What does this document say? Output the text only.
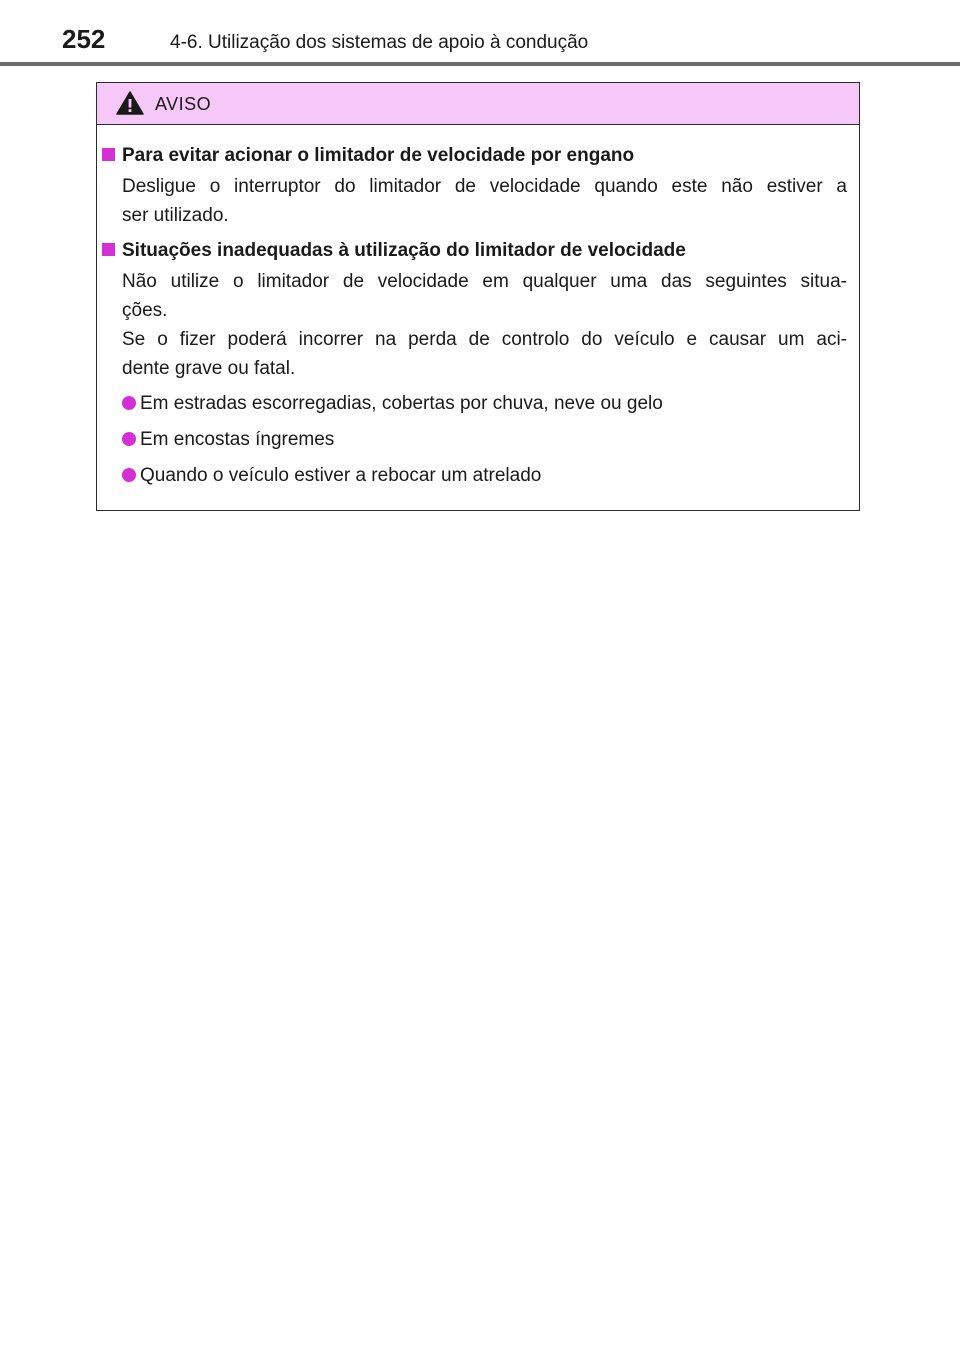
252	4-6. Utilização dos sistemas de apoio à condução
AVISO
Para evitar acionar o limitador de velocidade por engano
Desligue o interruptor do limitador de velocidade quando este não estiver a
ser utilizado.
Situações inadequadas à utilização do limitador de velocidade
Não utilize o limitador de velocidade em qualquer uma das seguintes situa-
ções.
Se o fizer poderá incorrer na perda de controlo do veículo e causar um aci-
dente grave ou fatal.
Em estradas escorregadias, cobertas por chuva, neve ou gelo
Em encostas íngremes
Quando o veículo estiver a rebocar um atrelado
